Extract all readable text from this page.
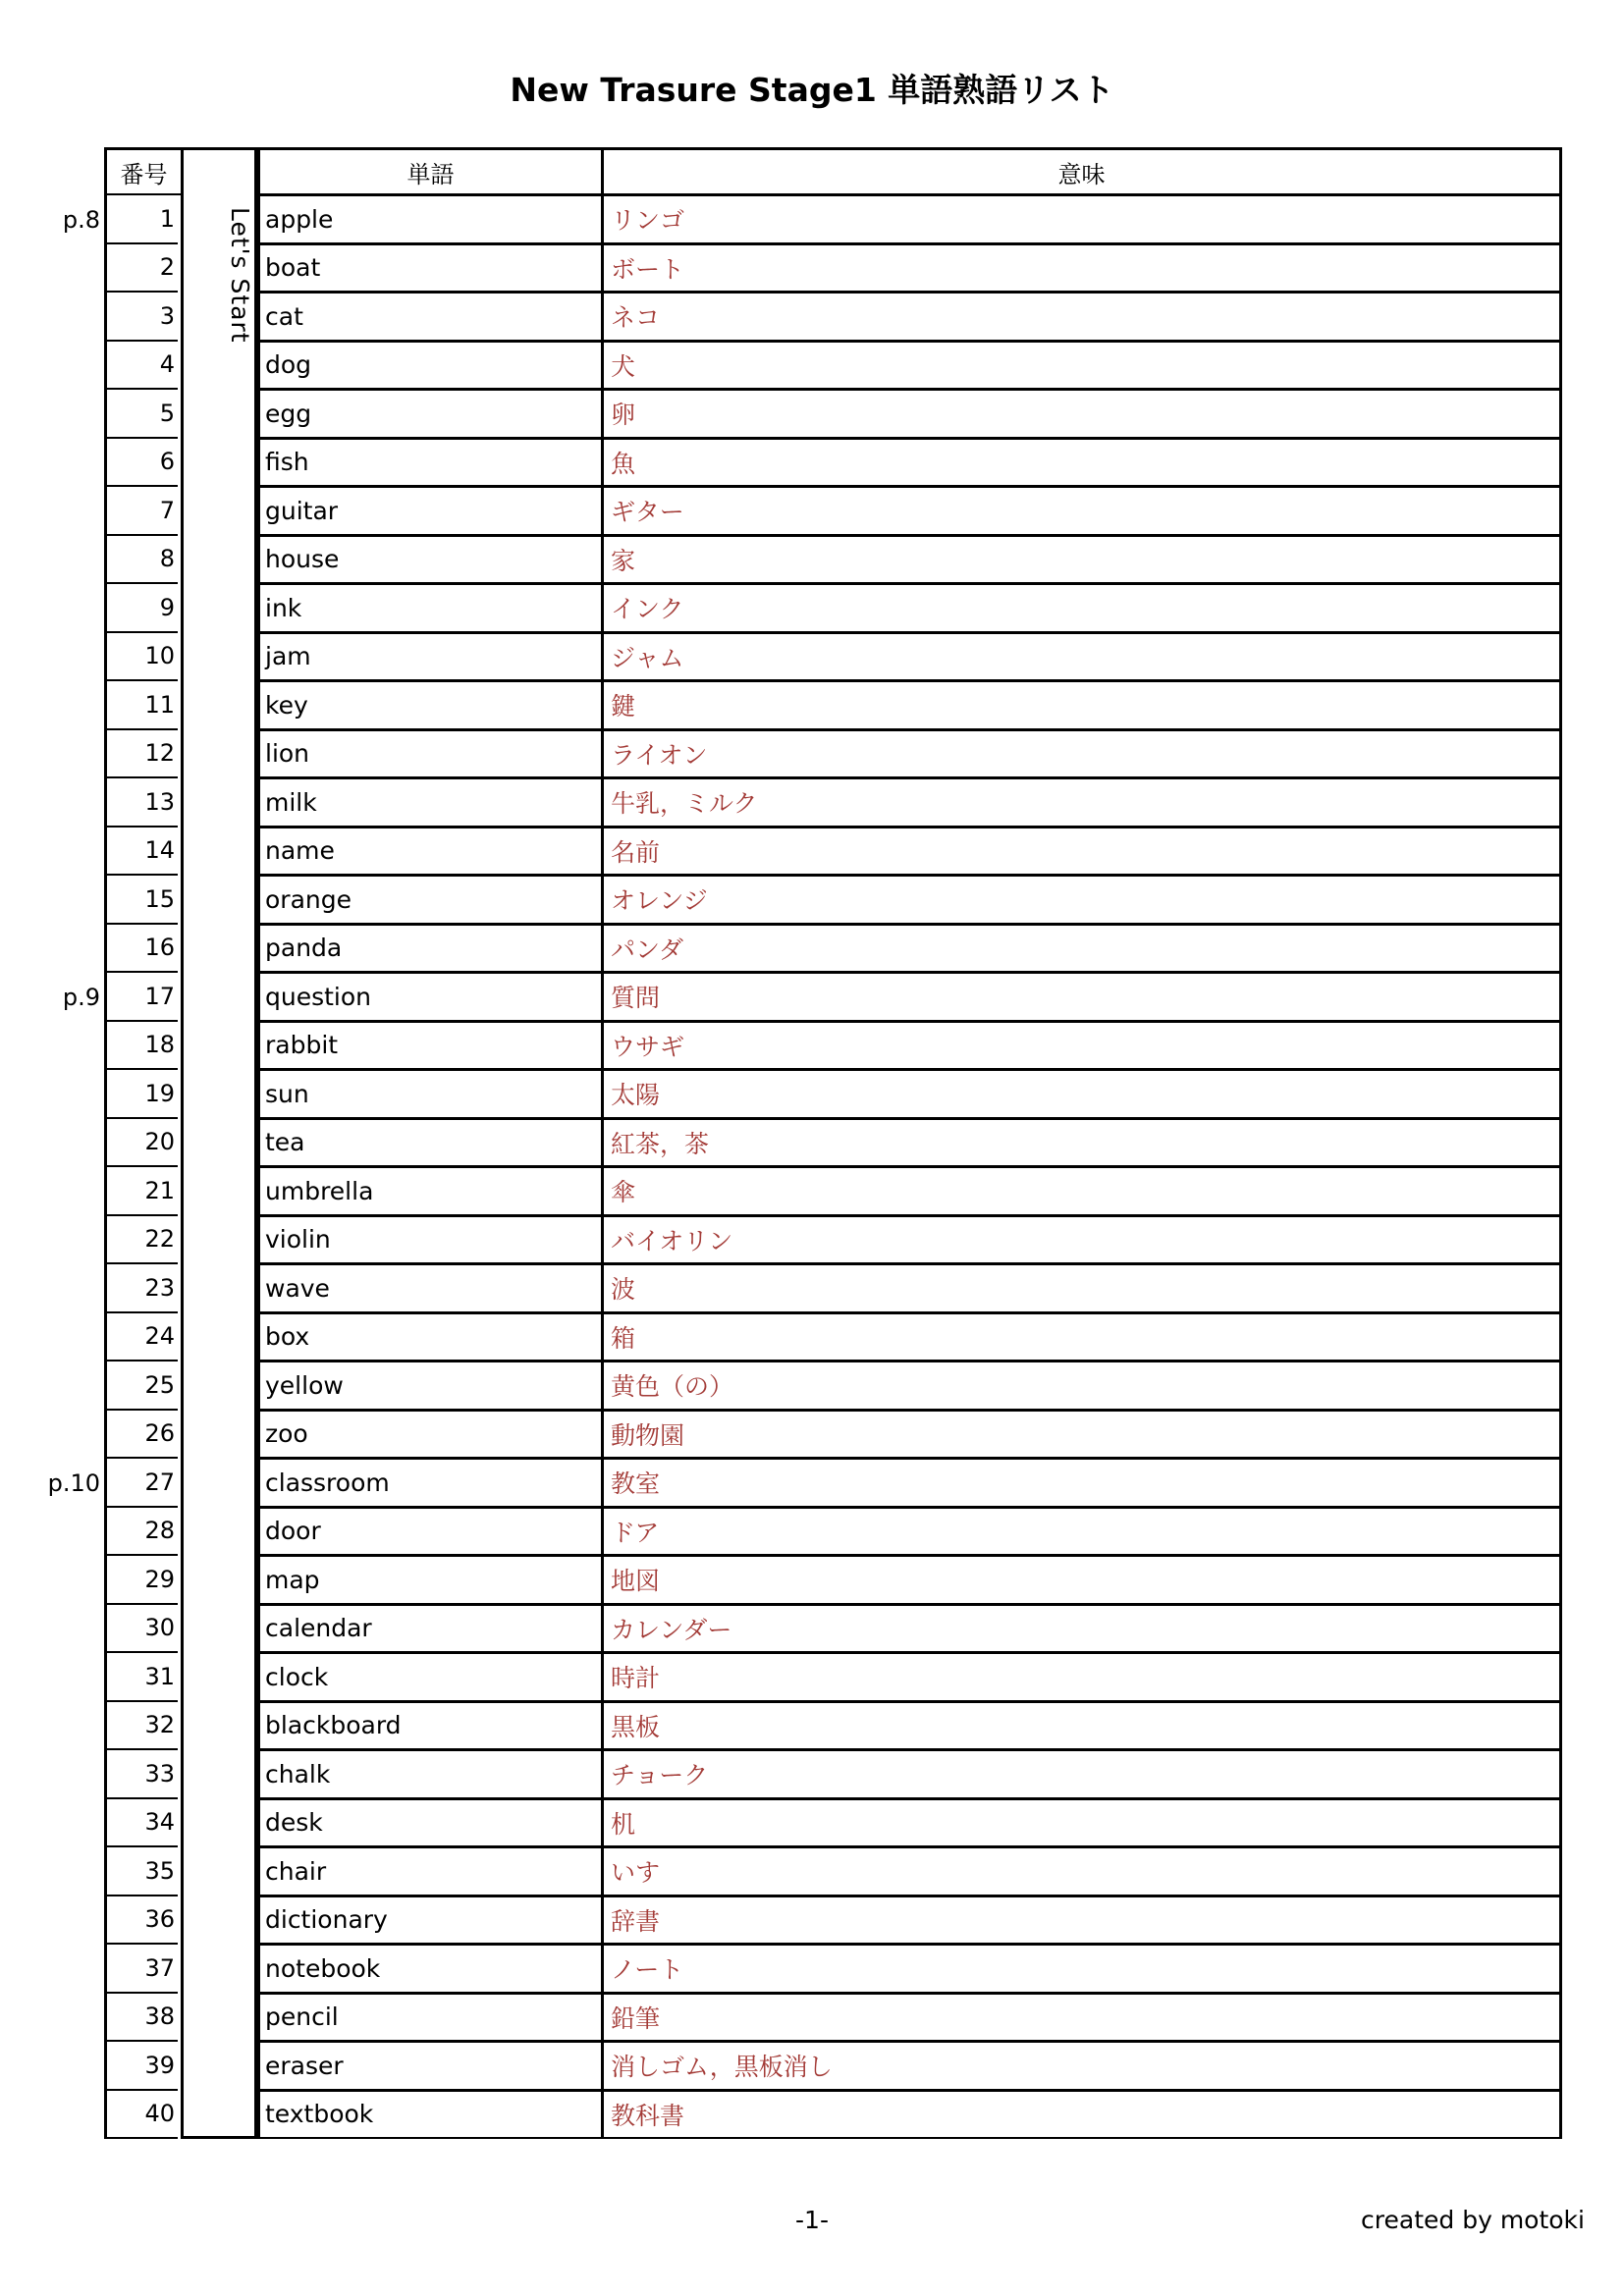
New Trasure Stage1 単語熟語リスト
番号	単語	意味
Let's Start
p.8	1	apple	リンゴ
2	boat	ボート
3	cat	ネコ
4	dog	犬
5	egg	卵
6	fish	魚
7	guitar	ギター
8	house	家
9	ink	インク
10	jam	ジャム
11	key	鍵
12	lion	ライオン
13	milk	牛乳，ミルク
14	name	名前
15	orange	オレンジ
16	panda	パンダ
p.9	17	question	質問
18	rabbit	ウサギ
19	sun	太陽
20	tea	紅茶，茶
21	umbrella	傘
22	violin	バイオリン
23	wave	波
24	box	箱
25	yellow	黄色（の）
26	zoo	動物園
p.10	27	classroom	教室
28	door	ドア
29	map	地図
30	calendar	カレンダー
31	clock	時計
32	blackboard	黒板
33	chalk	チョーク
34	desk	机
35	chair	いす
36	dictionary	辞書
37	notebook	ノート
38	pencil	鉛筆
39	eraser	消しゴム，黒板消し
40	textbook	教科書
-1-	created by motoki
